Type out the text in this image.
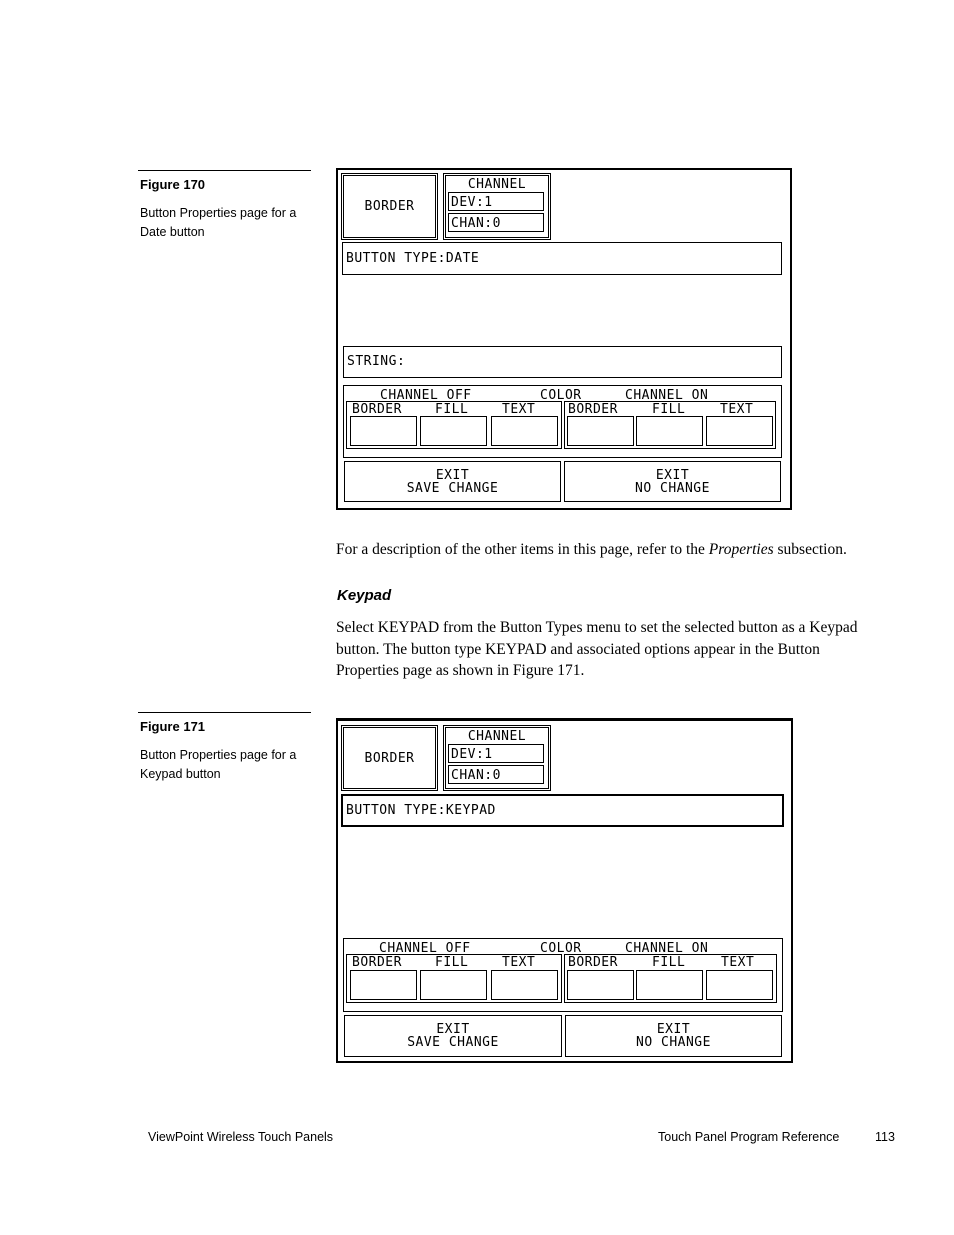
Figure 170
Button Properties page for a
Date button
BORDER
CHANNEL
DEV:1
CHAN:0
BUTTON TYPE:DATE
STRING:
CHANNEL OFF	COLOR	CHANNEL ON
BORDER	FILL	TEXT	BORDER	FILL	TEXT
EXIT
SAVE CHANGE
EXIT
NO CHANGE
For a description of the other items in this page, refer to the Properties subsection.
Keypad
Select KEYPAD from the Button Types menu to set the selected button as a Keypad
button. The button type KEYPAD and associated options appear in the Button
Properties page as shown in Figure 171.
Figure 171
Button Properties page for a
Keypad button
BORDER
CHANNEL
DEV:1
CHAN:0
BUTTON TYPE:KEYPAD
CHANNEL OFF	COLOR	CHANNEL ON
BORDER	FILL	TEXT	BORDER	FILL	TEXT
EXIT
SAVE CHANGE
EXIT
NO CHANGE
ViewPoint Wireless Touch Panels	Touch Panel Program Reference	113
